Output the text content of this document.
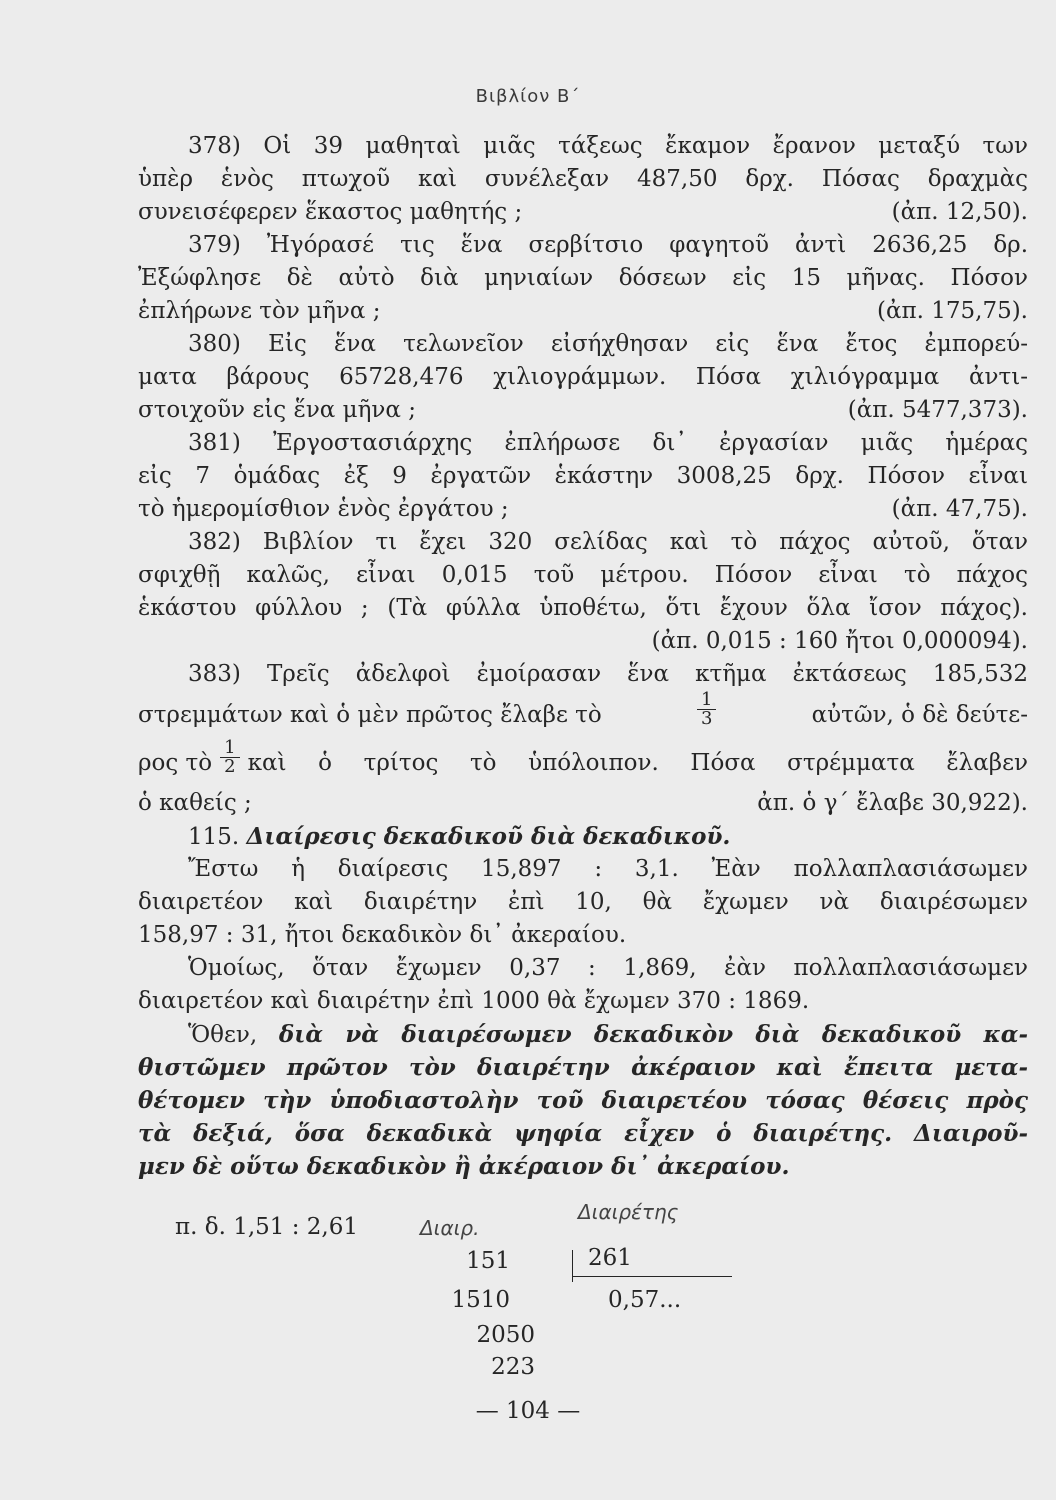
Βιβλίον Β΄
378) Οἱ 39 μαθηταὶ μιᾶς τάξεως ἔκαμον ἔρανον μεταξύ των
ὑπὲρ ἑνὸς πτωχοῦ καὶ συνέλεξαν 487,50 δρχ. Πόσας δραχμὰς
συνεισέφερεν ἕκαστος μαθητής ;	(ἀπ. 12,50).
379) Ἠγόρασέ τις ἕνα σερβίτσιο φαγητοῦ ἀντὶ 2636,25 δρ.
Ἐξώφλησε δὲ αὐτὸ διὰ μηνιαίων δόσεων εἰς 15 μῆνας. Πόσον
ἐπλήρωνε τὸν μῆνα ;	(ἀπ. 175,75).
380) Εἰς ἕνα τελωνεῖον εἰσήχθησαν εἰς ἕνα ἔτος ἐμπορεύ-
ματα βάρους 65728,476 χιλιογράμμων. Πόσα χιλιόγραμμα ἀντι-
στοιχοῦν εἰς ἕνα μῆνα ;	(ἀπ. 5477,373).
381) Ἐργοστασιάρχης ἐπλήρωσε δι᾽ ἐργασίαν μιᾶς ἡμέρας
εἰς 7 ὁμάδας ἐξ 9 ἐργατῶν ἑκάστην 3008,25 δρχ. Πόσον εἶναι
τὸ ἡμερομίσθιον ἑνὸς ἐργάτου ;	(ἀπ. 47,75).
382) Βιβλίον τι ἔχει 320 σελίδας καὶ τὸ πάχος αὐτοῦ, ὅταν
σφιχθῇ καλῶς, εἶναι 0,015 τοῦ μέτρου. Πόσον εἶναι τὸ πάχος
ἑκάστου φύλλου ; (Τὰ φύλλα ὑποθέτω, ὅτι ἔχουν ὅλα ἴσον πάχος).
(ἀπ. 0,015 : 160 ἤτοι 0,000094).
383) Τρεῖς ἀδελφοὶ ἐμοίρασαν ἕνα κτῆμα ἐκτάσεως 185,532
στρεμμάτων καὶ ὁ μὲν πρῶτος ἔλαβε τὸ	$\frac{1}{3}$	αὐτῶν, ὁ δὲ δεύτε-
ρος τὸ $\frac{1}{2}$ καὶ ὁ τρίτος τὸ ὑπόλοιπον. Πόσα στρέμματα ἔλαβεν
ὁ καθείς ;	ἀπ. ὁ γ΄ ἔλαβε 30,922).
115. Διαίρεσις δεκαδικοῦ διὰ δεκαδικοῦ.
Ἔστω ἡ διαίρεσις 15,897 : 3,1. Ἐὰν πολλαπλασιάσωμεν
διαιρετέον καὶ διαιρέτην ἐπὶ 10, θὰ ἔχωμεν νὰ διαιρέσωμεν
158,97 : 31, ἤτοι δεκαδικὸν δι᾽ ἀκεραίου.
Ὁμοίως, ὅταν ἔχωμεν 0,37 : 1,869, ἐὰν πολλαπλασιάσωμεν
διαιρετέον καὶ διαιρέτην ἐπὶ 1000 θὰ ἔχωμεν 370 : 1869.
Ὅθεν, διὰ νὰ διαιρέσωμεν δεκαδικὸν διὰ δεκαδικοῦ κα-
θιστῶμεν πρῶτον τὸν διαιρέτην ἀκέραιον καὶ ἔπειτα μετα-
θέτομεν τὴν ὑποδιαστολὴν τοῦ διαιρετέου τόσας θέσεις πρὸς
τὰ δεξιά, ὅσα δεκαδικὰ ψηφία εἶχεν ὁ διαιρέτης. Διαιροῦ-
μεν δὲ οὕτω δεκαδικὸν ἢ ἀκέραιον δι᾽ ἀκεραίου.
π. δ. 1,51 : 2,61	Διαιρ.
Διαιρέτης
151	261
1510	0,57...
2050
223
— 104 —
